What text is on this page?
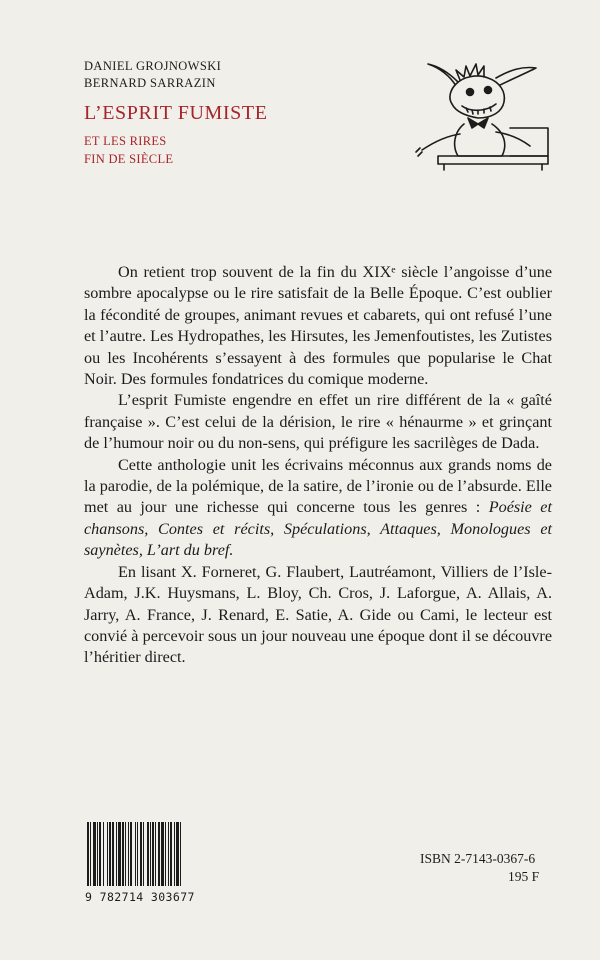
DANIEL GROJNOWSKI
BERNARD SARRAZIN
L’ESPRIT FUMISTE
ET LES RIRES
FIN DE SIÈCLE

On retient trop souvent de la fin du XIXᵉ siècle l’angoisse d’une sombre apocalypse ou le rire satisfait de la Belle Époque. C’est oublier la fécondité de groupes, animant revues et cabarets, qui ont refusé l’une et l’autre. Les Hydropathes, les Hirsutes, les Jemenfoutistes, les Zutistes ou les Incohérents s’essayent à des formules que popularise le Chat Noir. Des formules fondatrices du comique moderne.

L’esprit Fumiste engendre en effet un rire différent de la « gaîté française ». C’est celui de la dérision, le rire « hénaurme » et grinçant de l’humour noir ou du non-sens, qui préfigure les sacrilèges de Dada.

Cette anthologie unit les écrivains méconnus aux grands noms de la parodie, de la polémique, de la satire, de l’ironie ou de l’absurde. Elle met au jour une richesse qui concerne tous les genres : Poésie et chansons, Contes et récits, Spéculations, Attaques, Monologues et saynètes, L’art du bref.

En lisant X. Forneret, G. Flaubert, Lautréamont, Villiers de l’Isle-Adam, J.K. Huysmans, L. Bloy, Ch. Cros, J. Laforgue, A. Allais, A. Jarry, A. France, J. Renard, E. Satie, A. Gide ou Cami, le lecteur est convié à percevoir sous un jour nouveau une époque dont il se découvre l’héritier direct.

9 782714 303677
ISBN 2-7143-0367-6
195 F
